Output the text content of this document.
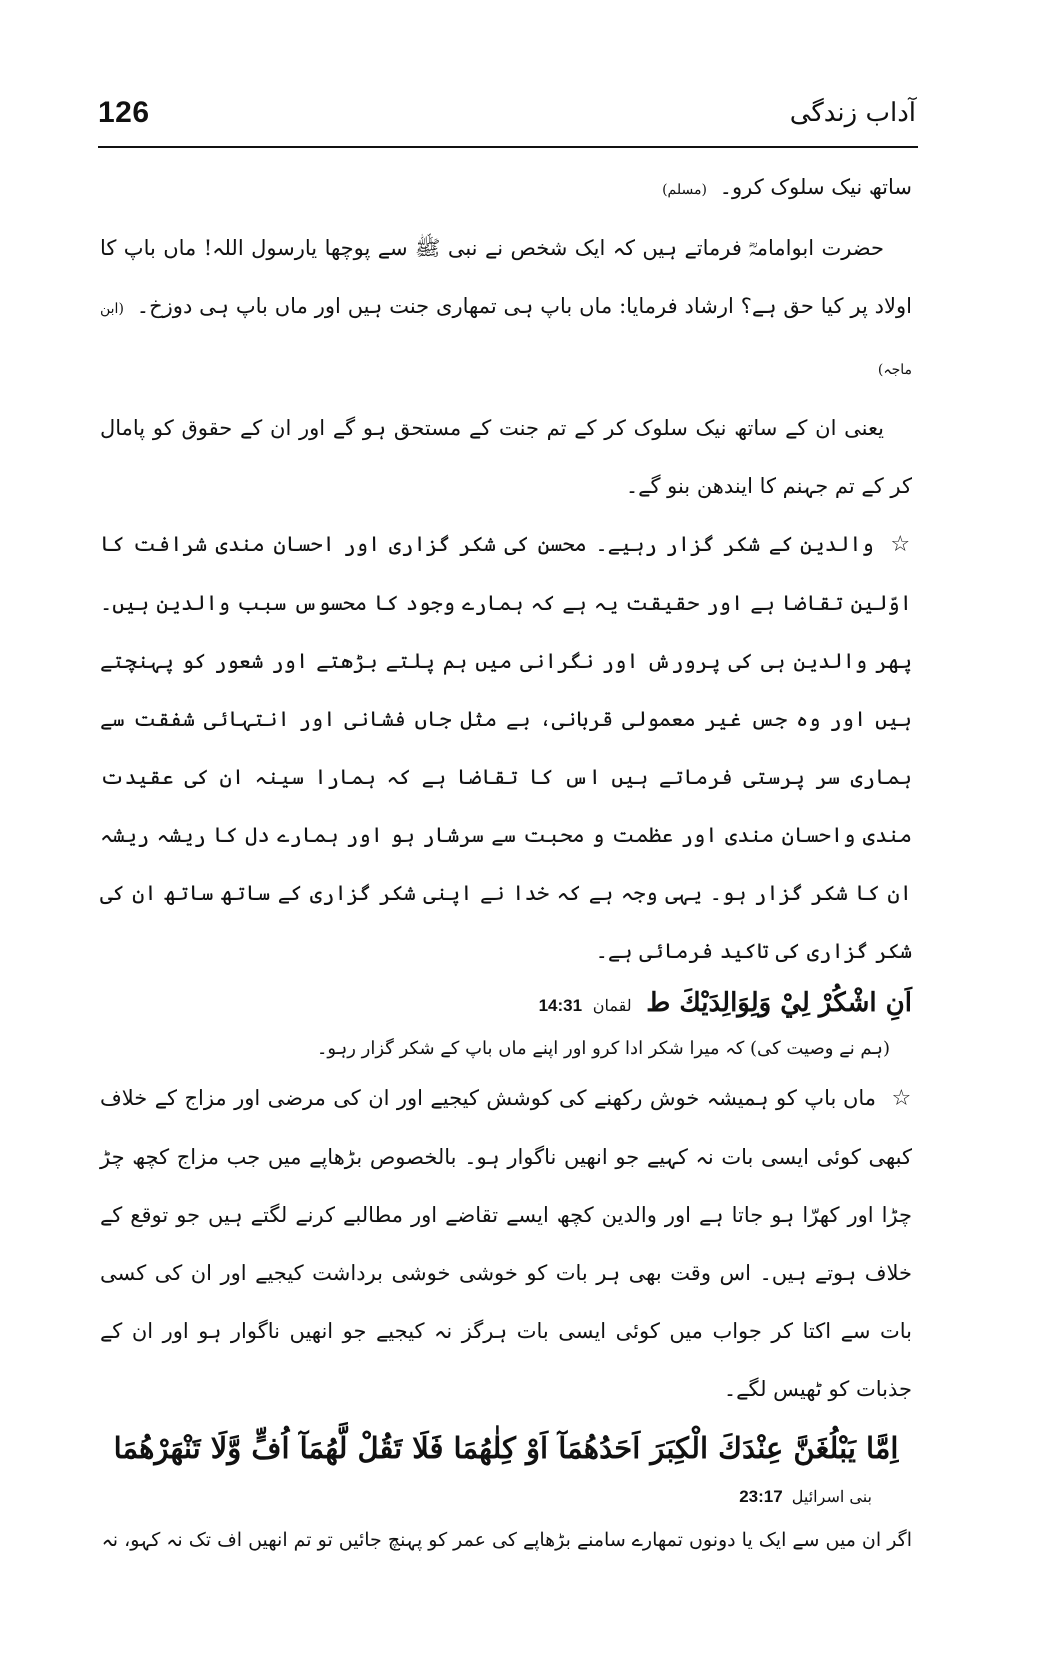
126	آداب زندگی

ساتھ نیک سلوک کرو۔ (مسلم)

حضرت ابوامامہؓ فرماتے ہیں کہ ایک شخص نے نبی ﷺ سے پوچھا یارسول اللہ! ماں باپ کا اولاد پر کیا حق ہے؟ ارشاد فرمایا: ماں باپ ہی تمھاری جنت ہیں اور ماں باپ ہی دوزخ۔ (ابن ماجہ)

یعنی ان کے ساتھ نیک سلوک کر کے تم جنت کے مستحق ہو گے اور ان کے حقوق کو پامال کر کے تم جہنم کا ایندھن بنو گے۔

☆ والدین کے شکر گزار رہیے۔ محسن کی شکر گزاری اور احسان مندی شرافت کا اوّلین تقاضا ہے اور حقیقت یہ ہے کہ ہمارے وجود کا محسوس سبب والدین ہیں۔ پھر والدین ہی کی پرورش اور نگرانی میں ہم پلتے بڑھتے اور شعور کو پہنچتے ہیں اور وہ جس غیر معمولی قربانی، بے مثل جاں فشانی اور انتہائی شفقت سے ہماری سر پرستی فرماتے ہیں اس کا تقاضا ہے کہ ہمارا سینہ ان کی عقیدت مندی واحسان مندی اور عظمت و محبت سے سرشار ہو اور ہمارے دل کا ریشہ ریشہ ان کا شکر گزار ہو۔ یہی وجہ ہے کہ خدا نے اپنی شکر گزاری کے ساتھ ساتھ ان کی شکر گزاری کی تاکید فرمائی ہے۔

اَنِ اشْكُرْ لِيْ وَلِوَالِدَيْكَ ط لقمان 14:31

(ہم نے وصیت کی) کہ میرا شکر ادا کرو اور اپنے ماں باپ کے شکر گزار رہو۔

☆ ماں باپ کو ہمیشہ خوش رکھنے کی کوشش کیجیے اور ان کی مرضی اور مزاج کے خلاف کبھی کوئی ایسی بات نہ کہیے جو انھیں ناگوار ہو۔ بالخصوص بڑھاپے میں جب مزاج کچھ چڑ چڑا اور کھرّا ہو جاتا ہے اور والدین کچھ ایسے تقاضے اور مطالبے کرنے لگتے ہیں جو توقع کے خلاف ہوتے ہیں۔ اس وقت بھی ہر بات کو خوشی خوشی برداشت کیجیے اور ان کی کسی بات سے اکتا کر جواب میں کوئی ایسی بات ہرگز نہ کیجیے جو انھیں ناگوار ہو اور ان کے جذبات کو ٹھیس لگے۔

اِمَّا يَبْلُغَنَّ عِنْدَكَ الْكِبَرَ اَحَدُهُمَآ اَوْ كِلٰهُمَا فَلَا تَقُلْ لَّهُمَآ اُفٍّ وَّلَا تَنْهَرْهُمَا

بنی اسرائیل 23:17

اگر ان میں سے ایک یا دونوں تمھارے سامنے بڑھاپے کی عمر کو پہنچ جائیں تو تم انھیں اف تک نہ کہو، نہ
